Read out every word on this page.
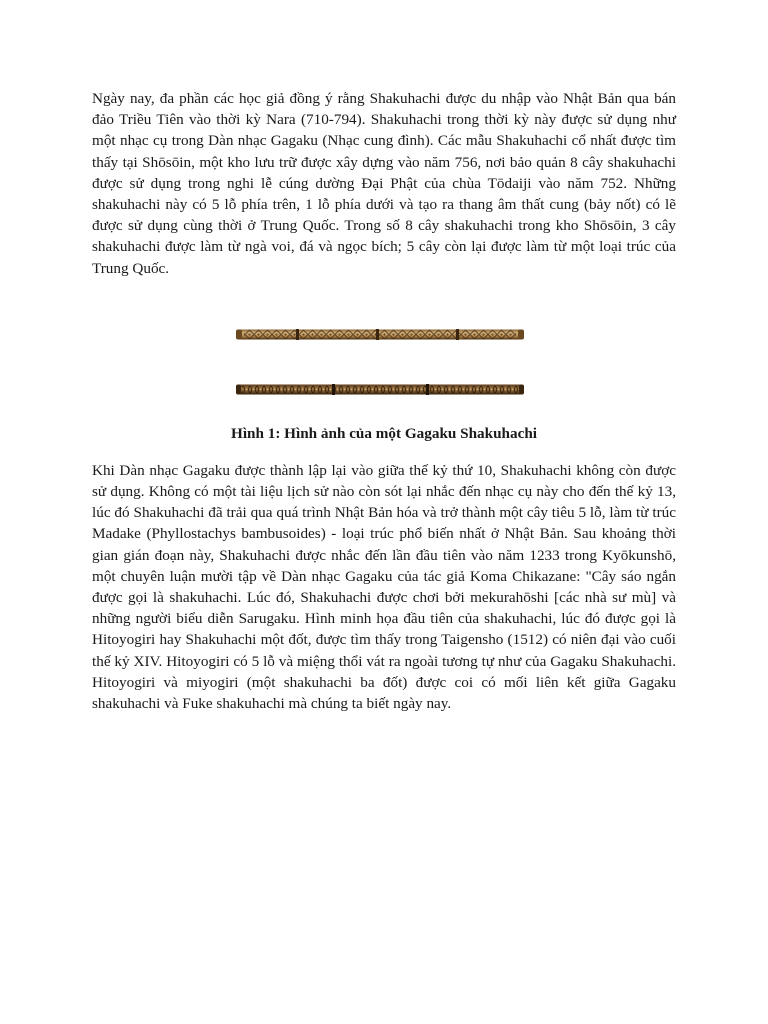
Ngày nay, đa phần các học giả đồng ý rằng Shakuhachi được du nhập vào Nhật Bản qua bán đảo Triều Tiên vào thời kỳ Nara (710-794). Shakuhachi trong thời kỳ này được sử dụng như một nhạc cụ trong Dàn nhạc Gagaku (Nhạc cung đình). Các mẫu Shakuhachi cổ nhất được tìm thấy tại Shōsōin, một kho lưu trữ được xây dựng vào năm 756, nơi bảo quản 8 cây shakuhachi được sử dụng trong nghi lễ cúng dường Đại Phật của chùa Tōdaiji vào năm 752. Những shakuhachi này có 5 lỗ phía trên, 1 lỗ phía dưới và tạo ra thang âm thất cung (bảy nốt) có lẽ được sử dụng cùng thời ở Trung Quốc. Trong số 8 cây shakuhachi trong kho Shōsōin, 3 cây shakuhachi được làm từ ngà voi, đá và ngọc bích; 5 cây còn lại được làm từ một loại trúc của Trung Quốc.

Hình 1: Hình ảnh của một Gagaku Shakuhachi

Khi Dàn nhạc Gagaku được thành lập lại vào giữa thế kỷ thứ 10, Shakuhachi không còn được sử dụng. Không có một tài liệu lịch sử nào còn sót lại nhắc đến nhạc cụ này cho đến thế kỷ 13, lúc đó Shakuhachi đã trải qua quá trình Nhật Bản hóa và trở thành một cây tiêu 5 lỗ, làm từ trúc Madake (Phyllostachys bambusoides) - loại trúc phổ biến nhất ở Nhật Bản. Sau khoảng thời gian gián đoạn này, Shakuhachi được nhắc đến lần đầu tiên vào năm 1233 trong Kyōkunshō, một chuyên luận mười tập về Dàn nhạc Gagaku của tác giả Koma Chikazane: "Cây sáo ngắn được gọi là shakuhachi. Lúc đó, Shakuhachi được chơi bởi mekurahōshi [các nhà sư mù] và những người biểu diễn Sarugaku. Hình minh họa đầu tiên của shakuhachi, lúc đó được gọi là Hitoyogiri hay Shakuhachi một đốt, được tìm thấy trong Taigensho (1512) có niên đại vào cuối thế kỷ XIV. Hitoyogiri có 5 lỗ và miệng thổi vát ra ngoài tương tự như của Gagaku Shakuhachi. Hitoyogiri và miyogiri (một shakuhachi ba đốt) được coi có mối liên kết giữa Gagaku shakuhachi và Fuke shakuhachi mà chúng ta biết ngày nay.
